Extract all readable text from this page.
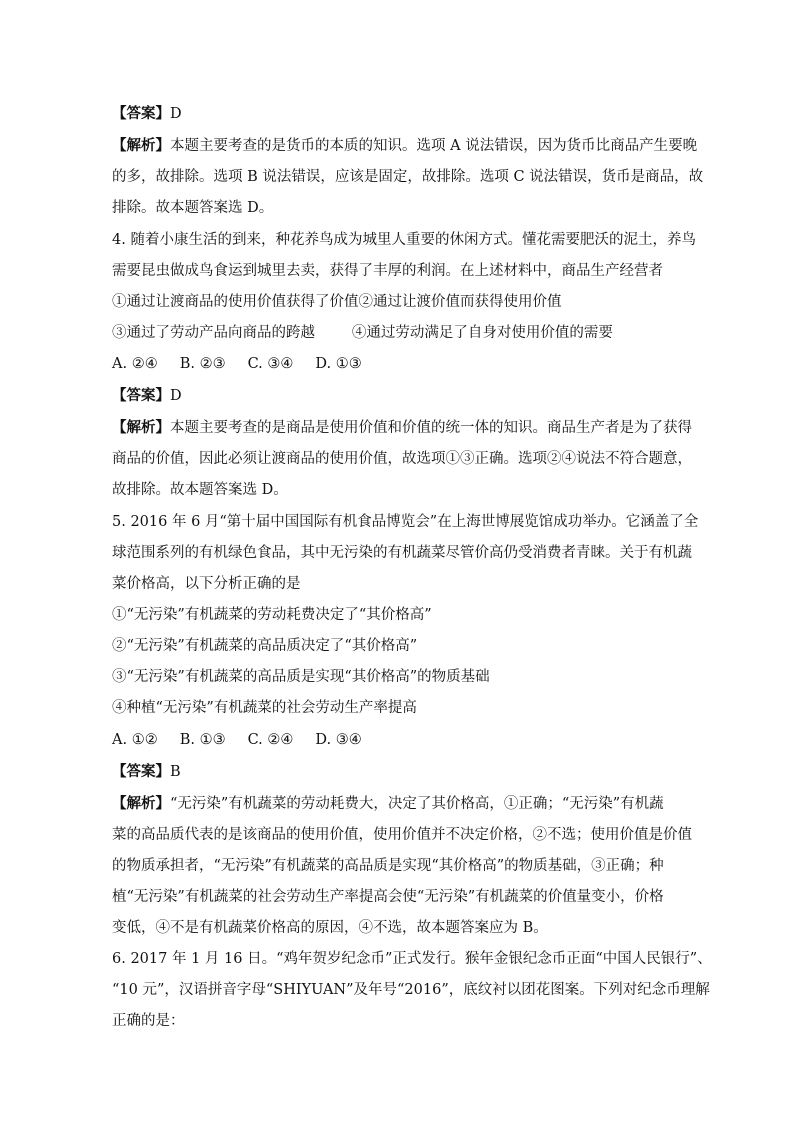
【答案】D
【解析】本题主要考查的是货币的本质的知识。选项 A 说法错误，因为货币比商品产生要晚
的多，故排除。选项 B 说法错误，应该是固定，故排除。选项 C 说法错误，货币是商品，故
排除。故本题答案选 D。
4. 随着小康生活的到来，种花养鸟成为城里人重要的休闲方式。懂花需要肥沃的泥土，养鸟
需要昆虫做成鸟食运到城里去卖，获得了丰厚的利润。在上述材料中，商品生产经营者
①通过让渡商品的使用价值获得了价值②通过让渡价值而获得使用价值
③通过了劳动产品向商品的跨越        ④通过劳动满足了自身对使用价值的需要
A. ②④ B. ②③ C. ③④ D. ①③
【答案】D
【解析】本题主要考查的是商品是使用价值和价值的统一体的知识。商品生产者是为了获得
商品的价值，因此必须让渡商品的使用价值，故选项①③正确。选项②④说法不符合题意，
故排除。故本题答案选 D。
5. 2016 年 6 月“第十届中国国际有机食品博览会”在上海世博展览馆成功举办。它涵盖了全
球范围系列的有机绿色食品，其中无污染的有机蔬菜尽管价高仍受消费者青睐。关于有机蔬
菜价格高，以下分析正确的是
①“无污染”有机蔬菜的劳动耗费决定了“其价格高”
②“无污染”有机蔬菜的高品质决定了“其价格高”
③“无污染”有机蔬菜的高品质是实现“其价格高”的物质基础
④种植“无污染”有机蔬菜的社会劳动生产率提高
A. ①② B. ①③ C. ②④ D. ③④
【答案】B
【解析】“无污染”有机蔬菜的劳动耗费大，决定了其价格高，①正确；“无污染”有机蔬
菜的高品质代表的是该商品的使用价值，使用价值并不决定价格，②不选；使用价值是价值
的物质承担者，“无污染”有机蔬菜的高品质是实现“其价格高”的物质基础，③正确；种
植“无污染”有机蔬菜的社会劳动生产率提高会使“无污染”有机蔬菜的价值量变小，价格
变低，④不是有机蔬菜价格高的原因，④不选，故本题答案应为 B。
6. 2017 年 1 月 16 日。“鸡年贺岁纪念币”正式发行。猴年金银纪念币正面“中国人民银行”、
“10 元”，汉语拼音字母“SHIYUAN”及年号“2016”，底纹衬以团花图案。下列对纪念币理解
正确的是：
